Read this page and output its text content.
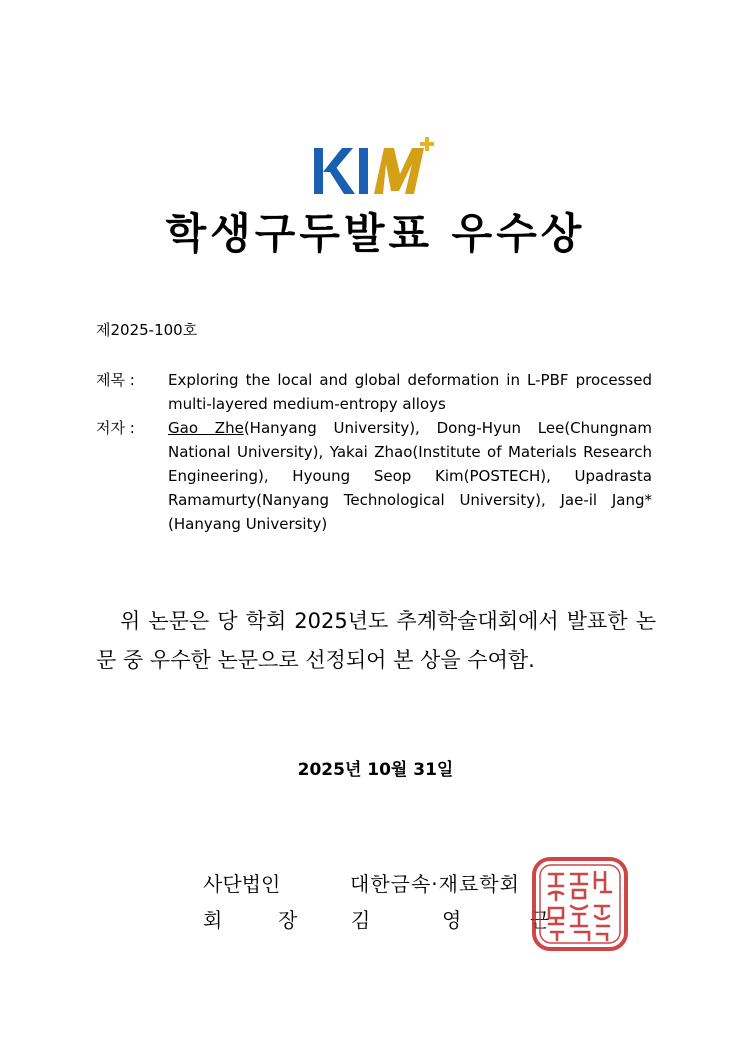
학생구두발표 우수상
제2025-100호
제목 :	Exploring the local and global deformation in L-PBF processed multi-layered medium-entropy alloys
저자 :	Gao Zhe(Hanyang University), Dong-Hyun Lee(Chungnam National University), Yakai Zhao(Institute of Materials Research Engineering), Hyoung Seop Kim(POSTECH), Upadrasta Ramamurty(Nanyang Technological University), Jae-il Jang*(Hanyang University)
위 논문은 당 학회 2025년도 추계학술대회에서 발표한 논문 중 우수한 논문으로 선정되어 본 상을 수여함.
2025년 10월 31일
사단법인	대한금속·재료학회
회	장	김	영	근
